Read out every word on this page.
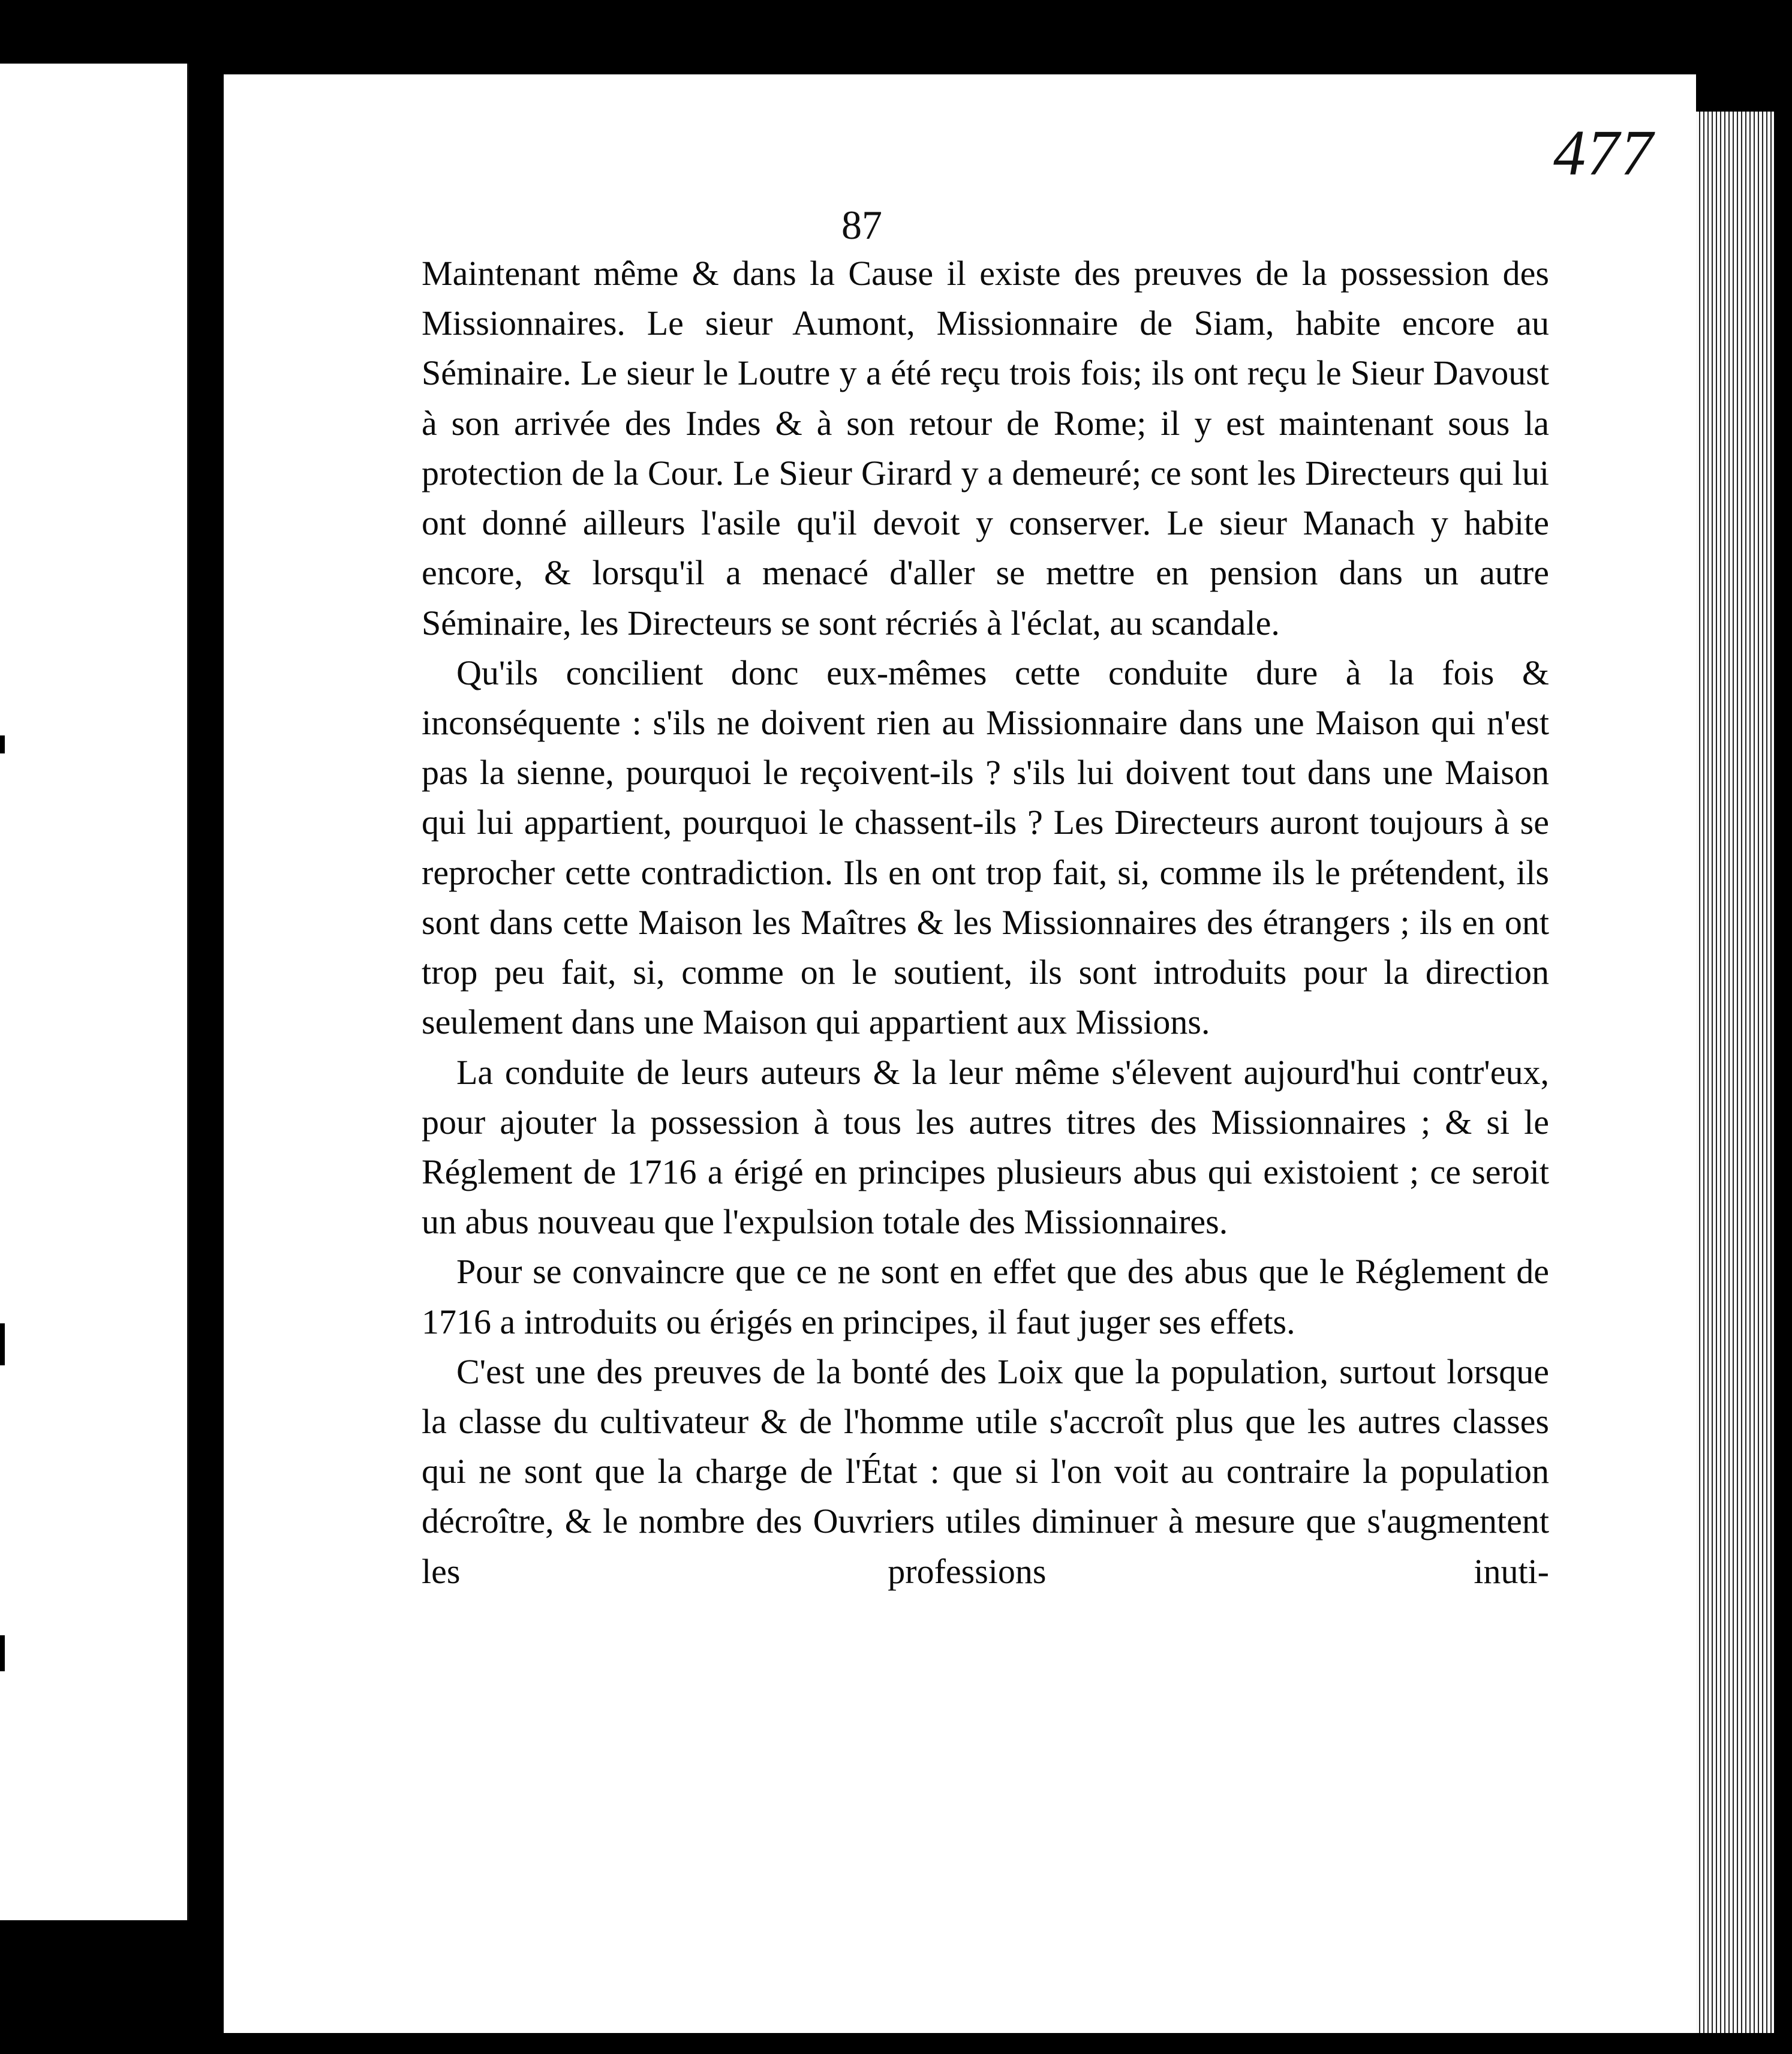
477
87

Maintenant même & dans la Cause il existe des preuves de la possession des Missionnaires. Le sieur Aumont, Missionnaire de Siam, habite encore au Séminaire. Le sieur le Loutre y a été reçu trois fois; ils ont reçu le Sieur Davoust à son arrivée des Indes & à son retour de Rome; il y est maintenant sous la protection de la Cour. Le Sieur Girard y a demeuré; ce sont les Directeurs qui lui ont donné ailleurs l'asile qu'il devoit y conserver. Le sieur Manach y habite encore, & lorsqu'il a menacé d'aller se mettre en pension dans un autre Séminaire, les Directeurs se sont récriés à l'éclat, au scandale.

Qu'ils concilient donc eux-mêmes cette conduite dure à la fois & inconséquente : s'ils ne doivent rien au Missionnaire dans une Maison qui n'est pas la sienne, pourquoi le reçoivent-ils ? s'ils lui doivent tout dans une Maison qui lui appartient, pourquoi le chassent-ils ? Les Directeurs auront toujours à se reprocher cette contradiction. Ils en ont trop fait, si, comme ils le prétendent, ils sont dans cette Maison les Maîtres & les Missionnaires des étrangers ; ils en ont trop peu fait, si, comme on le soutient, ils sont introduits pour la direction seulement dans une Maison qui appartient aux Missions.

La conduite de leurs auteurs & la leur même s'élevent aujourd'hui contr'eux, pour ajouter la possession à tous les autres titres des Missionnaires ; & si le Réglement de 1716 a érigé en principes plusieurs abus qui existoient ; ce seroit un abus nouveau que l'expulsion totale des Missionnaires.

Pour se convaincre que ce ne sont en effet que des abus que le Réglement de 1716 a introduits ou érigés en principes, il faut juger ses effets.

C'est une des preuves de la bonté des Loix que la population, surtout lorsque la classe du cultivateur & de l'homme utile s'accroît plus que les autres classes qui ne sont que la charge de l'État : que si l'on voit au contraire la population décroître, & le nombre des Ouvriers utiles diminuer à mesure que s'augmentent les professions inuti-
